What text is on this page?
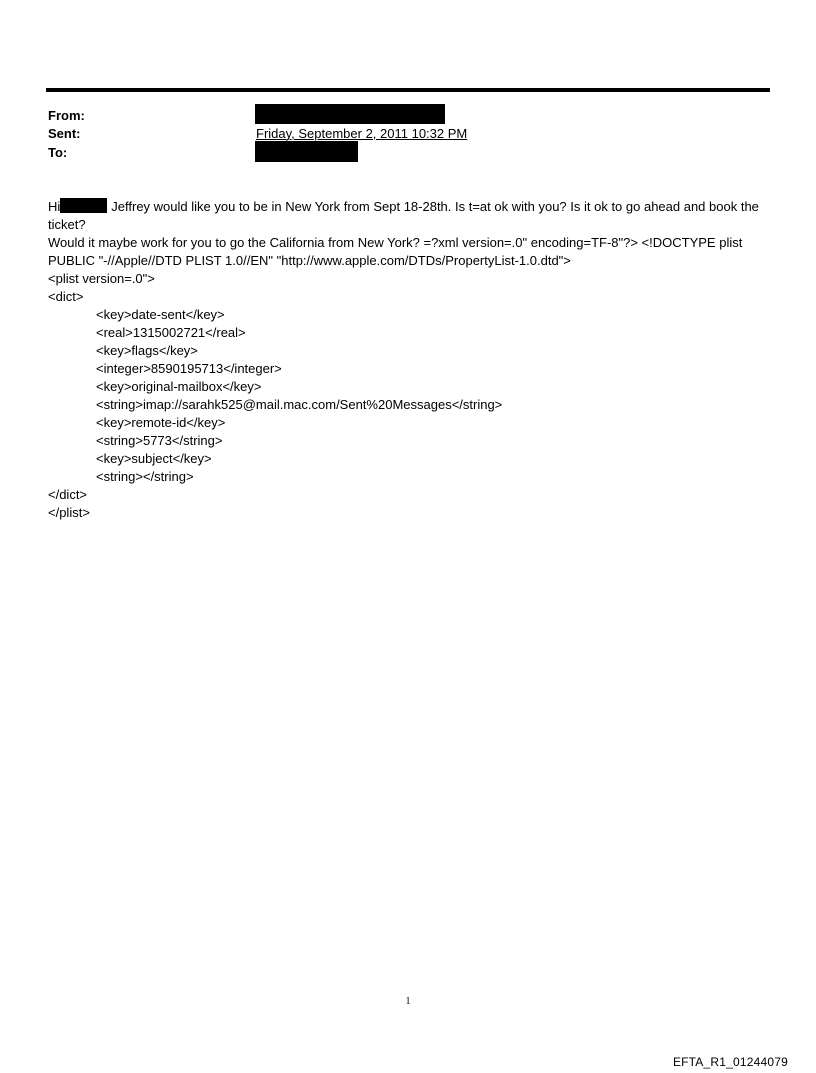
From:
Sent:	Friday, September 2, 2011 10:32 PM
To:

Hi	Jeffrey would like you to be in New York from Sept 18-28th. Is t=at ok with you? Is it ok to go ahead and book the ticket?

Would it maybe work for you to go the California from New York? =?xml version=.0" encoding=TF-8"?> <!DOCTYPE plist PUBLIC "-//Apple//DTD PLIST 1.0//EN" "http://www.apple.com/DTDs/PropertyList-1.0.dtd">

<plist version=.0">

<dict>

<key>date-sent</key>

<real>1315002721</real>

<key>flags</key>

<integer>8590195713</integer>

<key>original-mailbox</key>

<string>imap://sarahk525@mail.mac.com/Sent%20Messages</string>

<key>remote-id</key>

<string>5773</string>

<key>subject</key>

<string></string>

</dict>

</plist>

1
EFTA_R1_01244079
